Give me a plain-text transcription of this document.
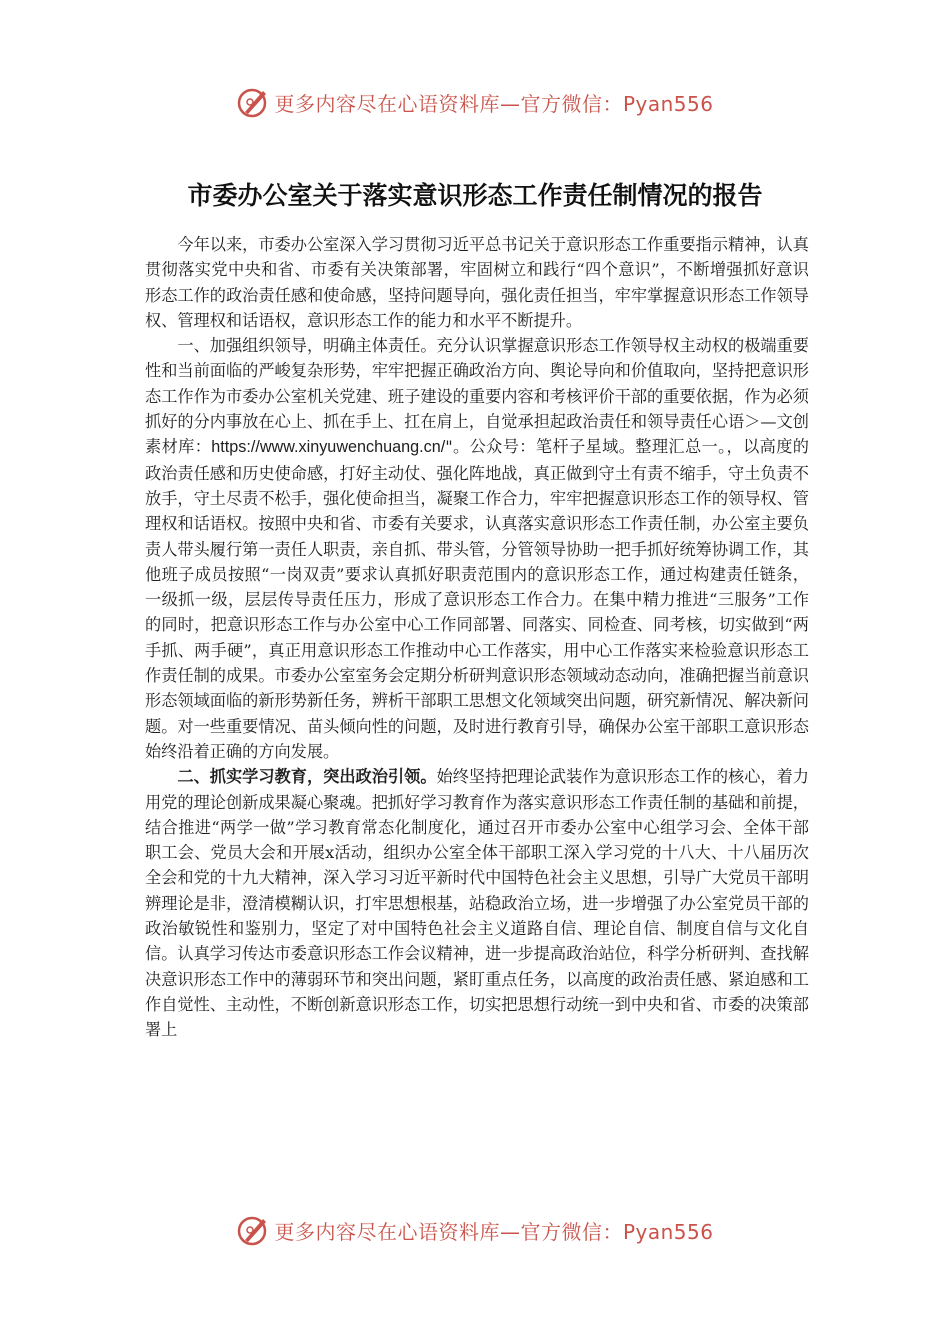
更多内容尽在心语资料库—官方微信：Pyan556
市委办公室关于落实意识形态工作责任制情况的报告

今年以来，市委办公室深入学习贯彻习近平总书记关于意识形态工作重要指示精神，认真贯彻落实党中央和省、市委有关决策部署，牢固树立和践行“四个意识”，不断增强抓好意识形态工作的政治责任感和使命感，坚持问题导向，强化责任担当，牢牢掌握意识形态工作领导权、管理权和话语权，意识形态工作的能力和水平不断提升。

一、加强组织领导，明确主体责任。充分认识掌握意识形态工作领导权主动权的极端重要性和当前面临的严峻复杂形势，牢牢把握正确政治方向、舆论导向和价值取向，坚持把意识形态工作作为市委办公室机关党建、班子建设的重要内容和考核评价干部的重要依据，作为必须抓好的分内事放在心上、抓在手上、扛在肩上，自觉承担起政治责任和领导责任心语＞—文创素材库：https://www.xinyuwenchuang.cn/"。公众号：笔杆子星域。整理汇总一。，以高度的政治责任感和历史使命感，打好主动仗、强化阵地战，真正做到守土有责不缩手，守土负责不放手，守土尽责不松手，强化使命担当，凝聚工作合力，牢牢把握意识形态工作的领导权、管理权和话语权。按照中央和省、市委有关要求，认真落实意识形态工作责任制，办公室主要负责人带头履行第一责任人职责，亲自抓、带头管，分管领导协助一把手抓好统筹协调工作，其他班子成员按照“一岗双责”要求认真抓好职责范围内的意识形态工作，通过构建责任链条，一级抓一级，层层传导责任压力，形成了意识形态工作合力。在集中精力推进“三服务”工作的同时，把意识形态工作与办公室中心工作同部署、同落实、同检查、同考核，切实做到“两手抓、两手硬”，真正用意识形态工作推动中心工作落实，用中心工作落实来检验意识形态工作责任制的成果。市委办公室室务会定期分析研判意识形态领域动态动向，准确把握当前意识形态领域面临的新形势新任务，辨析干部职工思想文化领域突出问题，研究新情况、解决新问题。对一些重要情况、苗头倾向性的问题，及时进行教育引导，确保办公室干部职工意识形态始终沿着正确的方向发展。

二、抓实学习教育，突出政治引领。始终坚持把理论武装作为意识形态工作的核心，着力用党的理论创新成果凝心聚魂。把抓好学习教育作为落实意识形态工作责任制的基础和前提，结合推进“两学一做”学习教育常态化制度化，通过召开市委办公室中心组学习会、全体干部职工会、党员大会和开展x活动，组织办公室全体干部职工深入学习党的十八大、十八届历次全会和党的十九大精神，深入学习习近平新时代中国特色社会主义思想，引导广大党员干部明辨理论是非，澄清模糊认识，打牢思想根基，站稳政治立场，进一步增强了办公室党员干部的政治敏锐性和鉴别力，坚定了对中国特色社会主义道路自信、理论自信、制度自信与文化自信。认真学习传达市委意识形态工作会议精神，进一步提高政治站位，科学分析研判、查找解决意识形态工作中的薄弱环节和突出问题，紧盯重点任务，以高度的政治责任感、紧迫感和工作自觉性、主动性，不断创新意识形态工作，切实把思想行动统一到中央和省、市委的决策部署上

更多内容尽在心语资料库—官方微信：Pyan556
